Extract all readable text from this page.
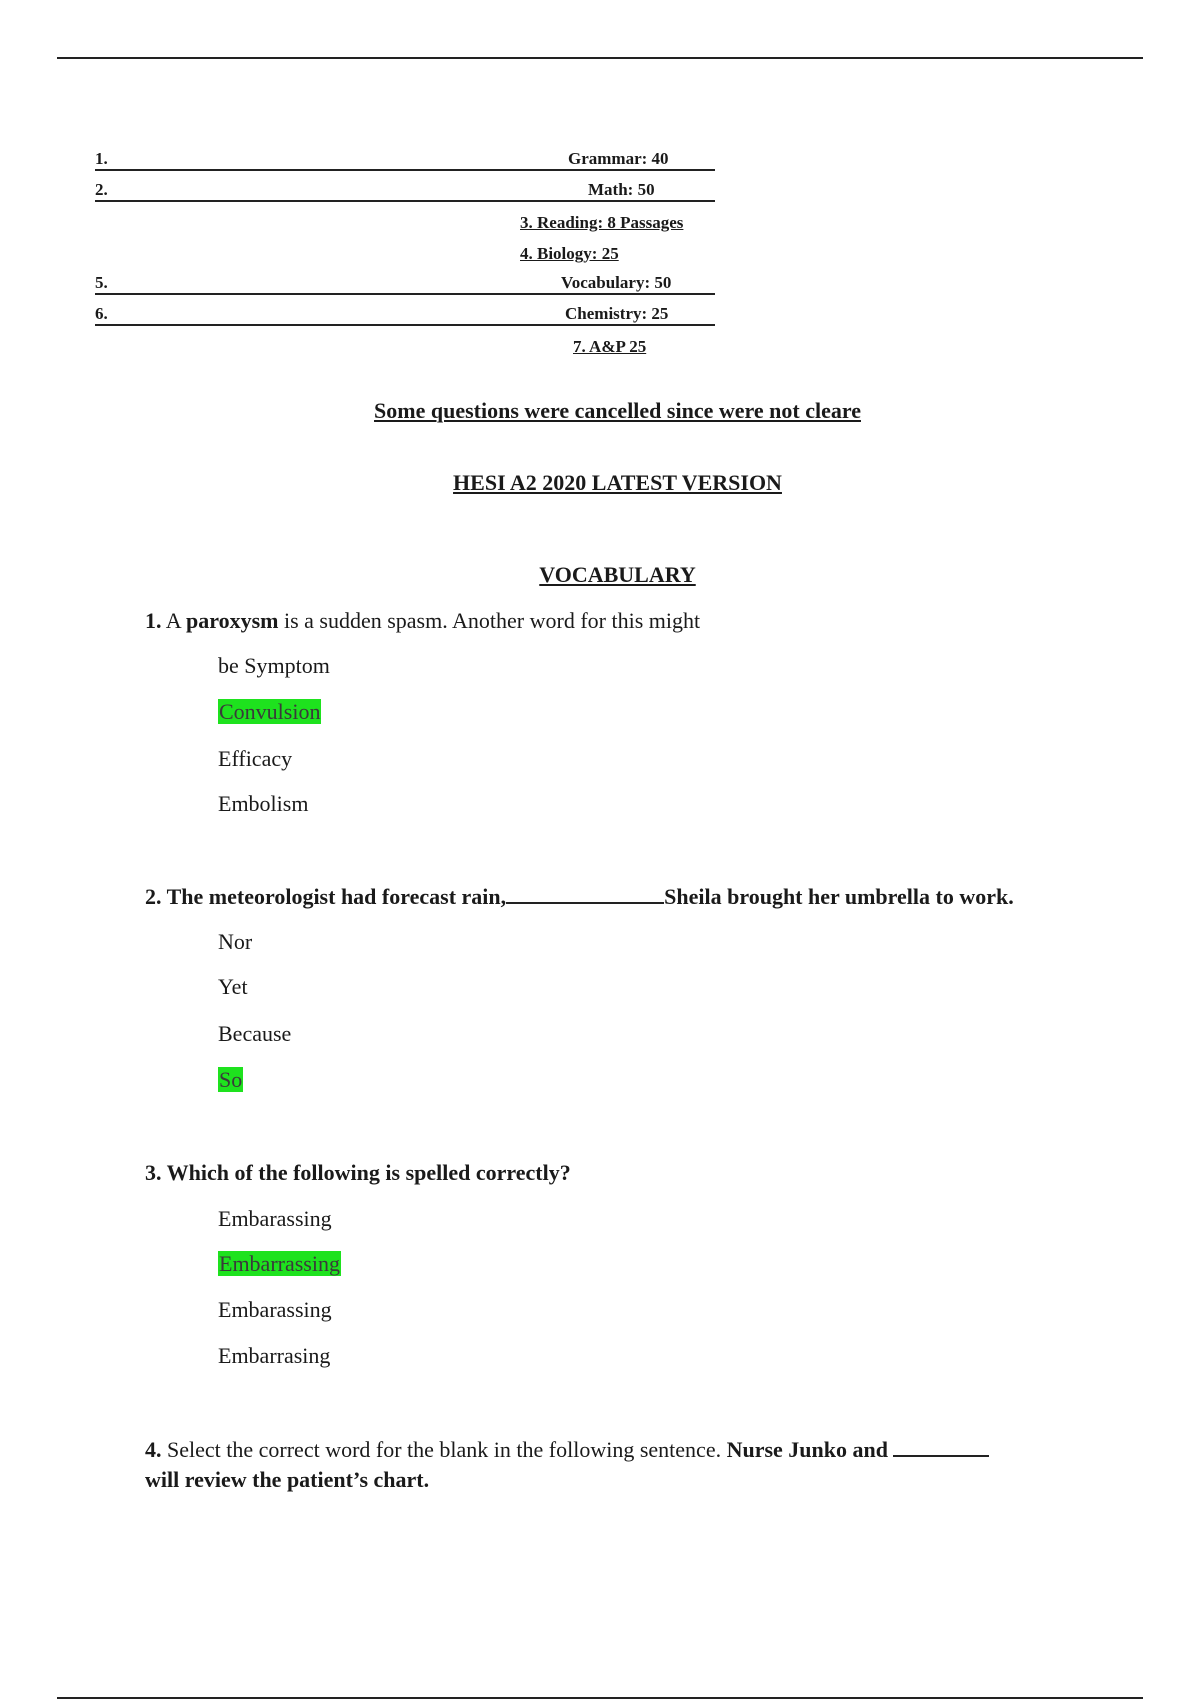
1.	Grammar: 40
2.	Math: 50
3. Reading: 8 Passages
4. Biology: 25
5.	Vocabulary: 50
6.	Chemistry: 25
7. A&P 25
Some questions were cancelled since were not cleare
HESI A2 2020 LATEST VERSION
VOCABULARY
1. A paroxysm is a sudden spasm. Another word for this might
be Symptom
Convulsion
Efficacy
Embolism
2. The meteorologist had forecast rain,	Sheila brought her umbrella to work.
Nor
Yet
Because
So
3. Which of the following is spelled correctly?
Embarassing
Embarrassing
Embarassing
Embarrasing
4. Select the correct word for the blank in the following sentence. Nurse Junko and
will review the patient’s chart.
